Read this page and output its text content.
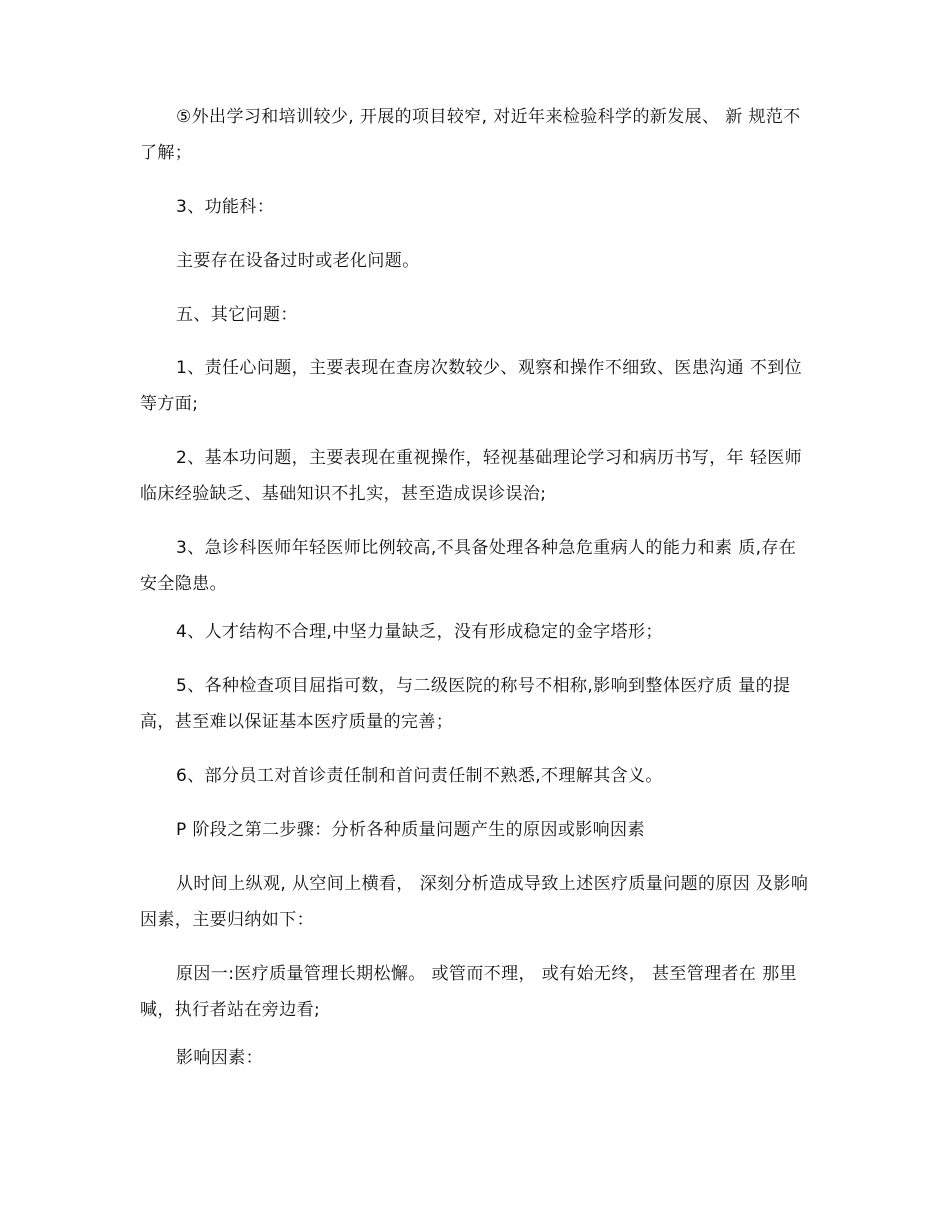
⑤外出学习和培训较少, 开展的项目较窄, 对近年来检验科学的新发展、 新 规范不了解；

3、功能科：

主要存在设备过时或老化问题。

五、其它问题：

1、责任心问题，主要表现在查房次数较少、观察和操作不细致、医患沟通 不到位等方面;

2、基本功问题，主要表现在重视操作，轻视基础理论学习和病历书写，年 轻医师临床经验缺乏、基础知识不扎实，甚至造成误诊误治;

3、急诊科医师年轻医师比例较高,不具备处理各种急危重病人的能力和素 质,存在安全隐患。

4、人才结构不合理,中坚力量缺乏，没有形成稳定的金字塔形；

5、各种检查项目屈指可数，与二级医院的称号不相称,影响到整体医疗质 量的提高，甚至难以保证基本医疗质量的完善；

6、部分员工对首诊责任制和首问责任制不熟悉,不理解其含义。

P 阶段之第二步骤：分析各种质量问题产生的原因或影响因素

从时间上纵观, 从空间上横看， 深刻分析造成导致上述医疗质量问题的原因 及影响因素，主要归纳如下：

原因一:医疗质量管理长期松懈。 或管而不理， 或有始无终， 甚至管理者在 那里喊，执行者站在旁边看;

影响因素：
